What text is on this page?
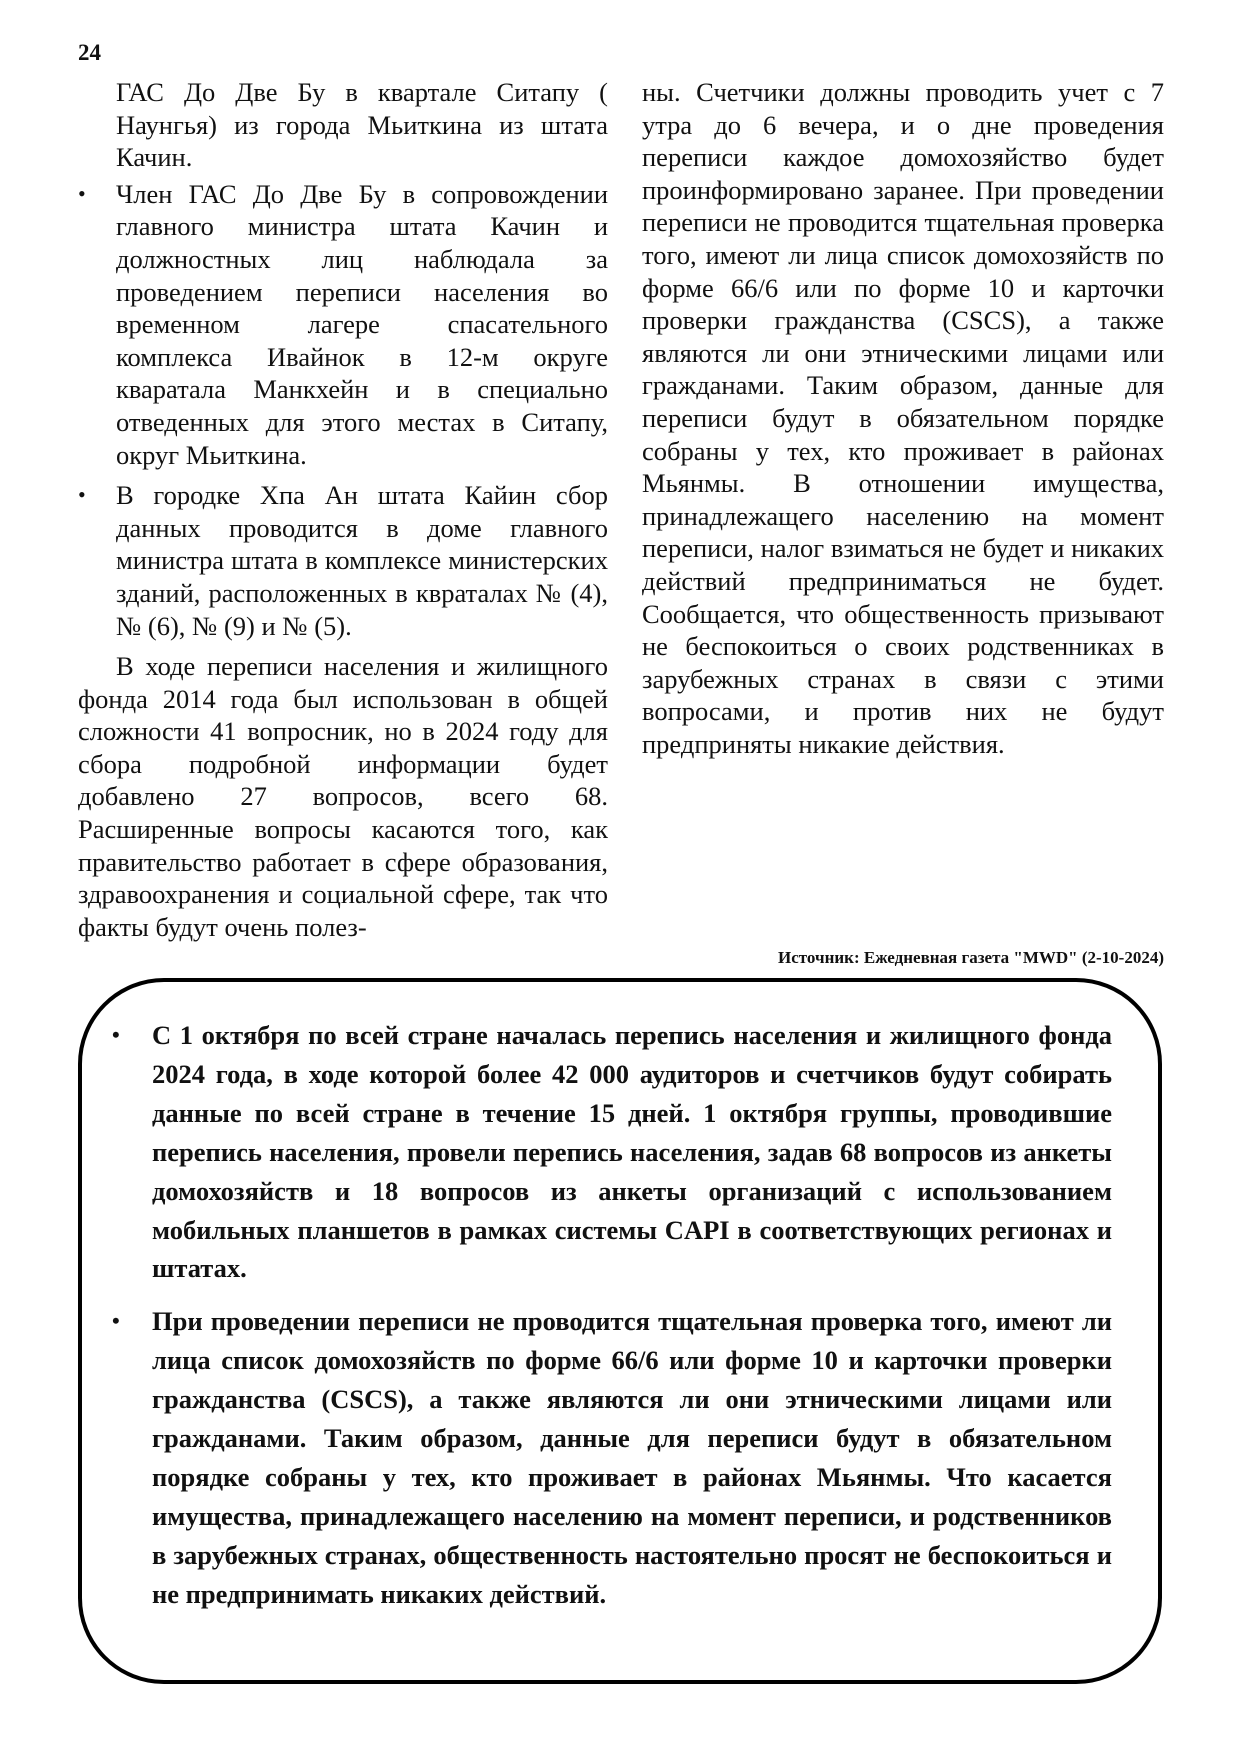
24

ГАС До Две Бу в квартале Ситапу ( Наунгья) из города Мьиткина из штата Качин.

• Член ГАС До Две Бу в сопровождении главного министра штата Качин и должностных лиц наблюдала за проведением переписи населения во временном лагере спасательного комплекса Ивайнок в 12-м округе кваратала Манкхейн и в специально отведенных для этого местах в Ситапу, округ Мьиткина.
• В городке Хпа Ан штата Кайин сбор данных проводится в доме главного министра штата в комплексе министерских зданий, расположенных в квраталах № (4), № (6), № (9) и № (5).

В ходе переписи населения и жилищного фонда 2014 года был использован в общей сложности 41 вопросник, но в 2024 году для сбора подробной информации будет добавлено 27 вопросов, всего 68. Расширенные вопросы касаются того, как правительство работает в сфере образования, здравоохранения и социальной сфере, так что факты будут очень полез-

ны. Счетчики должны проводить учет с 7 утра до 6 вечера, и о дне проведения переписи каждое домохозяйство будет проинформировано заранее. При проведении переписи не проводится тщательная проверка того, имеют ли лица список домохозяйств по форме 66/6 или по форме 10 и карточки проверки гражданства (CSCS), а также являются ли они этническими лицами или гражданами. Таким образом, данные для переписи будут в обязательном порядке собраны у тех, кто проживает в районах Мьянмы. В отношении имущества, принадлежащего населению на момент переписи, налог взиматься не будет и никаких действий предприниматься не будет. Сообщается, что общественность призывают не беспокоиться о своих родственниках в зарубежных странах в связи с этими вопросами, и против них не будут предприняты никакие действия.

Источник: Ежедневная газета "MWD" (2-10-2024)
• С 1 октября по всей стране началась перепись населения и жилищного фонда 2024 года, в ходе которой более 42 000 аудиторов и счетчиков будут собирать данные по всей стране в течение 15 дней. 1 октября группы, проводившие перепись населения, провели перепись населения, задав 68 вопросов из анкеты домохозяйств и 18 вопросов из анкеты организаций с использованием мобильных планшетов в рамках системы CAPI в соответствующих регионах и штатах.
• При проведении переписи не проводится тщательная проверка того, имеют ли лица список домохозяйств по форме 66/6 или форме 10 и карточки проверки гражданства (CSCS), а также являются ли они этническими лицами или гражданами. Таким образом, данные для переписи будут в обязательном порядке собраны у тех, кто проживает в районах Мьянмы. Что касается имущества, принадлежащего населению на момент переписи, и родственников в зарубежных странах, общественность настоятельно просят не беспокоиться и не предпринимать никаких действий.
